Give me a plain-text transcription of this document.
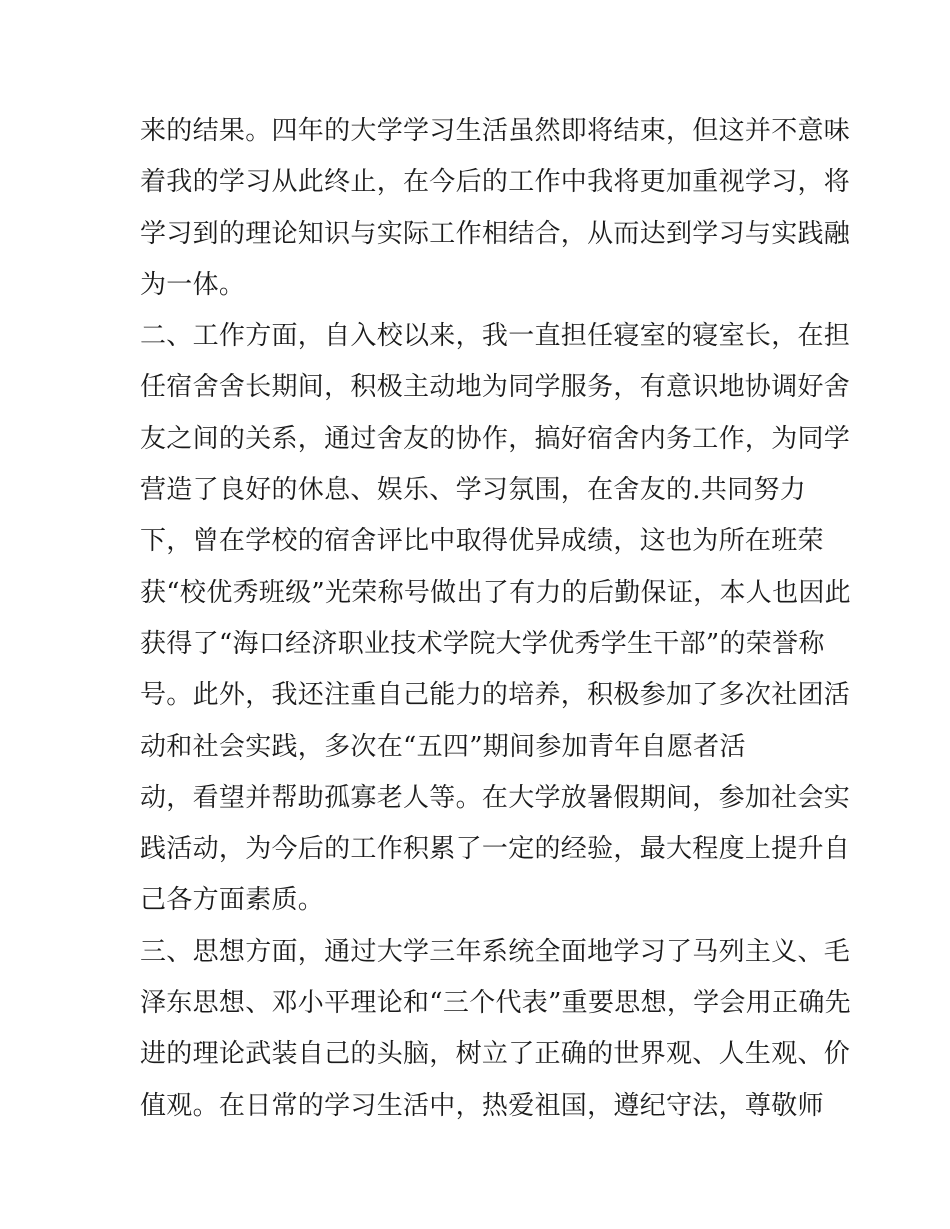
来的结果。四年的大学学习生活虽然即将结束，但这并不意味
着我的学习从此终止，在今后的工作中我将更加重视学习，将
学习到的理论知识与实际工作相结合，从而达到学习与实践融
为一体。
二、工作方面，自入校以来，我一直担任寝室的寝室长，在担
任宿舍舍长期间，积极主动地为同学服务，有意识地协调好舍
友之间的关系，通过舍友的协作，搞好宿舍内务工作，为同学
营造了良好的休息、娱乐、学习氛围，在舍友的.共同努力
下，曾在学校的宿舍评比中取得优异成绩，这也为所在班荣
获“校优秀班级”光荣称号做出了有力的后勤保证，本人也因此
获得了“海口经济职业技术学院大学优秀学生干部”的荣誉称
号。此外，我还注重自己能力的培养，积极参加了多次社团活
动和社会实践，多次在“五四”期间参加青年自愿者活
动，看望并帮助孤寡老人等。在大学放暑假期间，参加社会实
践活动，为今后的工作积累了一定的经验，最大程度上提升自
己各方面素质。
三、思想方面，通过大学三年系统全面地学习了马列主义、毛
泽东思想、邓小平理论和“三个代表”重要思想，学会用正确先
进的理论武装自己的头脑，树立了正确的世界观、人生观、价
值观。在日常的学习生活中，热爱祖国，遵纪守法，尊敬师
